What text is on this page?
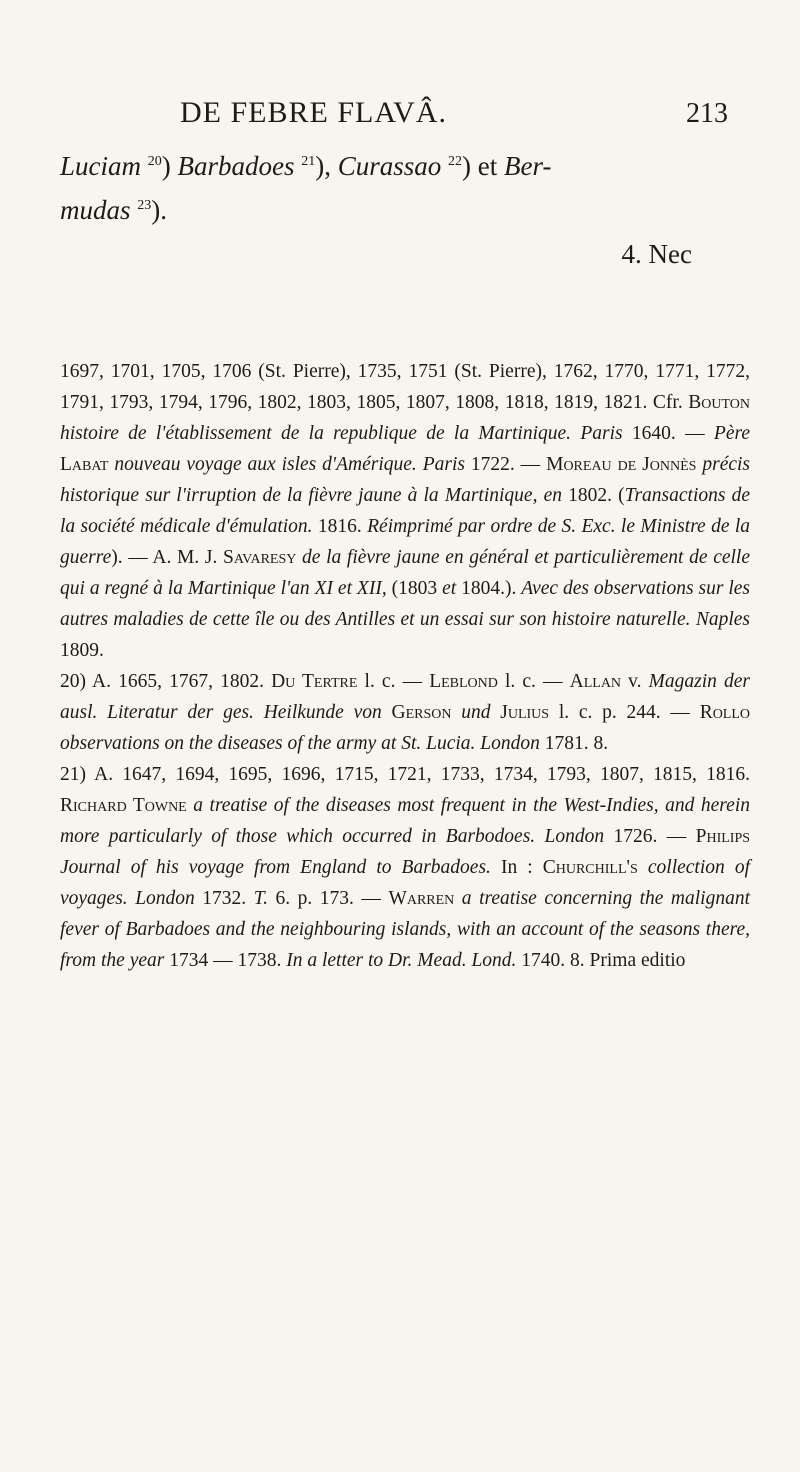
DE FEBRE FLAVÂ.	213

Luciam $^{20}$) Barbadoes $^{21}$), Curassao $^{22}$) et Ber-

mudas $^{23}$).

4. Nec

1697, 1701, 1705, 1706 (St. Pierre), 1735, 1751 (St. Pierre), 1762, 1770, 1771, 1772, 1791, 1793, 1794, 1796, 1802, 1803, 1805, 1807, 1808, 1818, 1819, 1821. Cfr. Bouton histoire de l'établissement de la republique de la Martinique. Paris 1640. — Père Labat nouveau voyage aux isles d'Amérique. Paris 1722. — Moreau de Jonnès précis historique sur l'irruption de la fièvre jaune à la Martinique, en 1802. (Transactions de la société médicale d'émulation. 1816. Réimprimé par ordre de S. Exc. le Ministre de la guerre). — A. M. J. Savaresy de la fièvre jaune en général et particulièrement de celle qui a regné à la Martinique l'an XI et XII, (1803 et 1804.). Avec des observations sur les autres maladies de cette île ou des Antilles et un essai sur son histoire naturelle. Naples 1809.

20) A. 1665, 1767, 1802. Du Tertre l. c. — Leblond l. c. — Allan v. Magazin der ausl. Literatur der ges. Heilkunde von Gerson und Julius l. c. p. 244. — Rollo observations on the diseases of the army at St. Lucia. London 1781. 8.

21) A. 1647, 1694, 1695, 1696, 1715, 1721, 1733, 1734, 1793, 1807, 1815, 1816. Richard Towne a treatise of the diseases most frequent in the West-Indies, and herein more particularly of those which occurred in Barbodoes. London 1726. — Philips Journal of his voyage from England to Barbadoes. In : Churchill's collection of voyages. London 1732. T. 6. p. 173. — Warren a treatise concerning the malignant fever of Barbadoes and the neighbouring islands, with an account of the seasons there, from the year 1734 — 1738. In a letter to Dr. Mead. Lond. 1740. 8. Prima editio
